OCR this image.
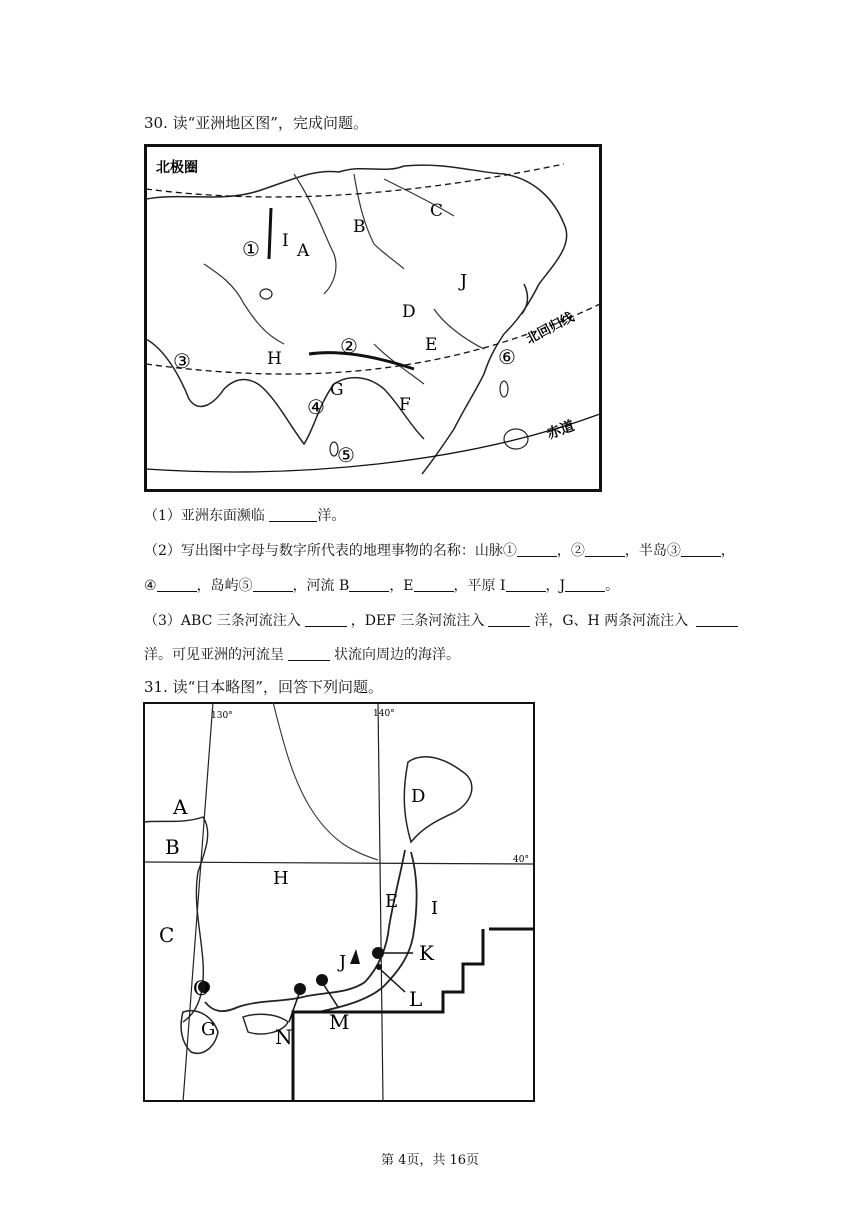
30. 读“亚洲地区图”，完成问题。
北极圈
北回归线
赤道
① I A
B
C
J
D
②	E
③	H
G
④	F
⑤
⑥
（1）亚洲东面濒临	洋。
（2）写出图中字母与数字所代表的地理事物的名称：山脉①	，②	，半岛③	，
④	，岛屿⑤	，河流 B	，E	，平原 I	，J	。
（3）ABC 三条河流注入	，DEF 三条河流注入	洋，G、H 两条河流注入
洋。可见亚洲的河流呈	状流向周边的海洋。
31. 读“日本略图”，回答下列问题。
130°	140°
40°
A
B
C
D
H
E I
J	K
L
M
N
O
G
第 4页，共 16页
